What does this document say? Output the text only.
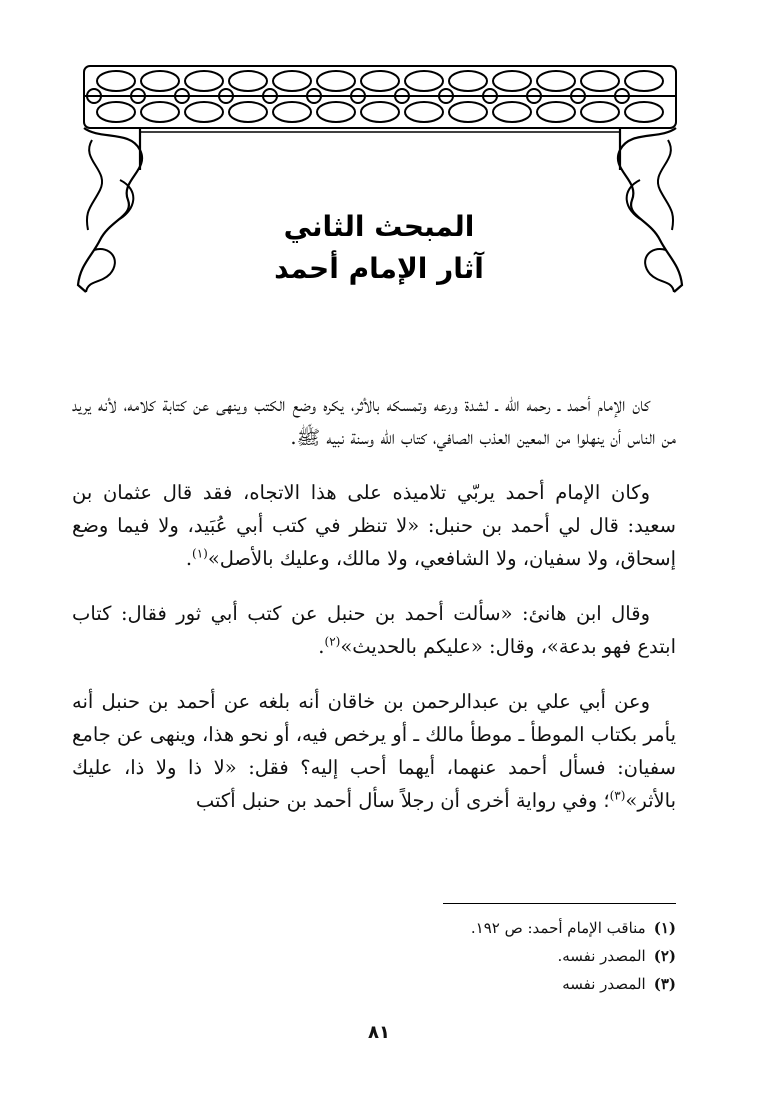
المبحث الثاني
آثار الإمام أحمد

كان الإمام أحمد ـ رحمه الله ـ لشدة ورعه وتمسكه بالأثر، يكره وضع الكتب وينهى عن كتابة كلامه، لأنه يريد من الناس أن ينهلوا من المعين العذب الصافي، كتاب الله وسنة نبيه ﷺ.

وكان الإمام أحمد يربّي تلاميذه على هذا الاتجاه، فقد قال عثمان بن سعيد: قال لي أحمد بن حنبل: «لا تنظر في كتب أبي عُبَيد، ولا فيما وضع إسحاق، ولا سفيان، ولا الشافعي، ولا مالك، وعليك بالأصل»$^{(١)}$.

وقال ابن هانئ: «سألت أحمد بن حنبل عن كتب أبي ثور فقال: كتاب ابتدع فهو بدعة»، وقال: «عليكم بالحديث»$^{(٢)}$.

وعن أبي علي بن عبدالرحمن بن خاقان أنه بلغه عن أحمد بن حنبل أنه يأمر بكتاب الموطأ ـ موطأ مالك ـ أو يرخص فيه، أو نحو هذا، وينهى عن جامع سفيان: فسأل أحمد عنهما، أيهما أحب إليه؟ فقل: «لا ذا ولا ذا، عليك بالأثر»$^{(٣)}$؛ وفي رواية أخرى أن رجلاً سأل أحمد بن حنبل أكتب

(١)مناقب الإمام أحمد: ص ١٩٢.
(٢)المصدر نفسه.
(٣)المصدر نفسه
٨١
